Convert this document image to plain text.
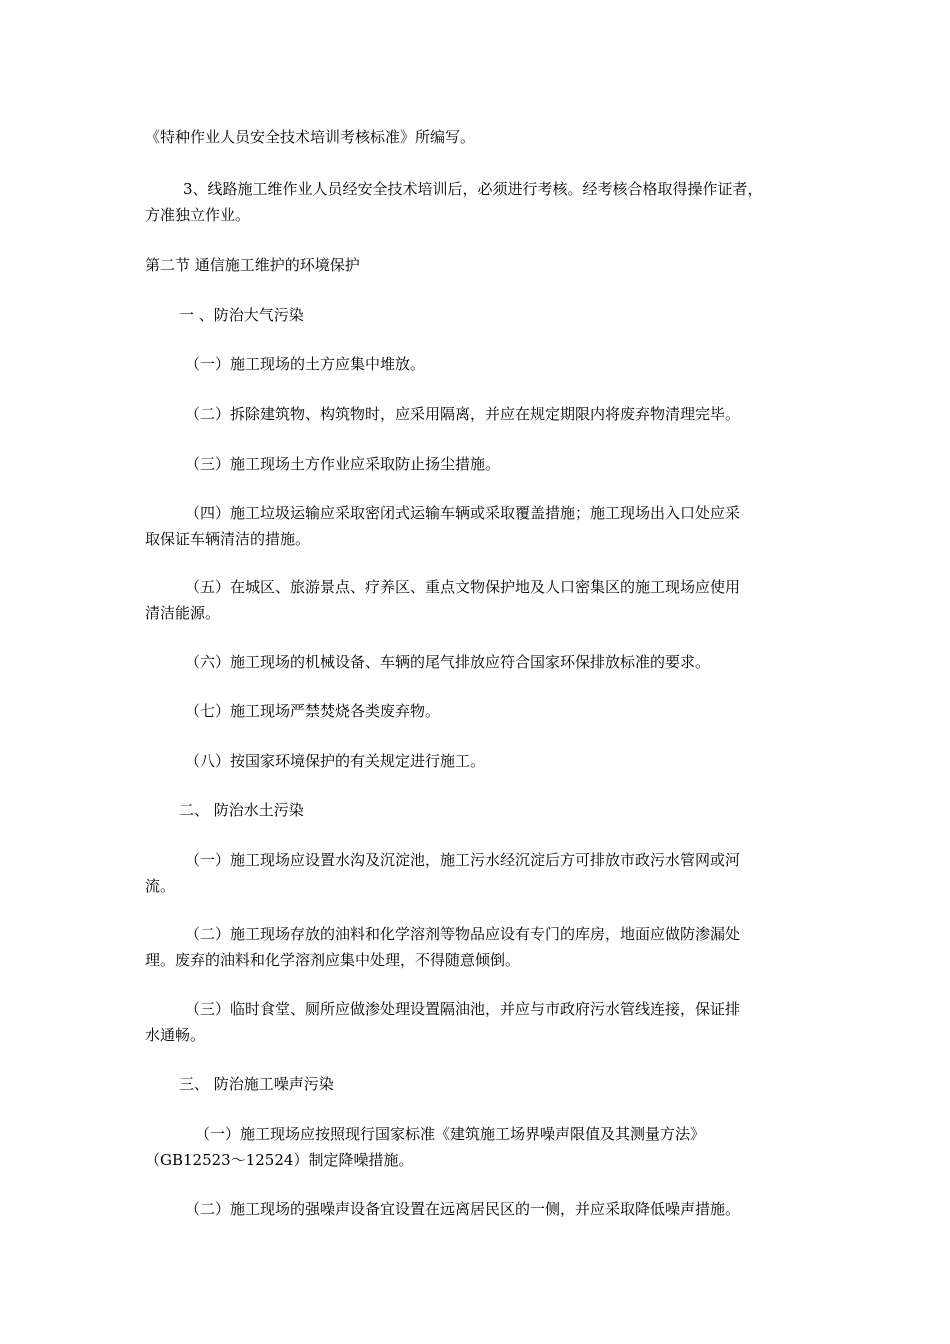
《特种作业人员安全技术培训考核标准》所编写。

3、线路施工维作业人员经安全技术培训后，必须进行考核。经考核合格取得操作证者，
方准独立作业。

第二节 通信施工维护的环境保护

一 、防治大气污染

（一）施工现场的土方应集中堆放。

（二）拆除建筑物、构筑物时，应采用隔离，并应在规定期限内将废弃物清理完毕。

（三）施工现场土方作业应采取防止扬尘措施。

（四）施工垃圾运输应采取密闭式运输车辆或采取覆盖措施；施工现场出入口处应采
取保证车辆清洁的措施。

（五）在城区、旅游景点、疗养区、重点文物保护地及人口密集区的施工现场应使用
清洁能源。

（六）施工现场的机械设备、车辆的尾气排放应符合国家环保排放标准的要求。

（七）施工现场严禁焚烧各类废弃物。

（八）按国家环境保护的有关规定进行施工。

二、 防治水土污染

（一）施工现场应设置水沟及沉淀池，施工污水经沉淀后方可排放市政污水管网或河
流。

（二）施工现场存放的油料和化学溶剂等物品应设有专门的库房，地面应做防渗漏处
理。废弃的油料和化学溶剂应集中处理，不得随意倾倒。

（三）临时食堂、厕所应做渗处理设置隔油池，并应与市政府污水管线连接，保证排
水通畅。

三、 防治施工噪声污染

（一）施工现场应按照现行国家标准《建筑施工场界噪声限值及其测量方法》
（GB12523～12524）制定降噪措施。

（二）施工现场的强噪声设备宜设置在远离居民区的一侧，并应采取降低噪声措施。
